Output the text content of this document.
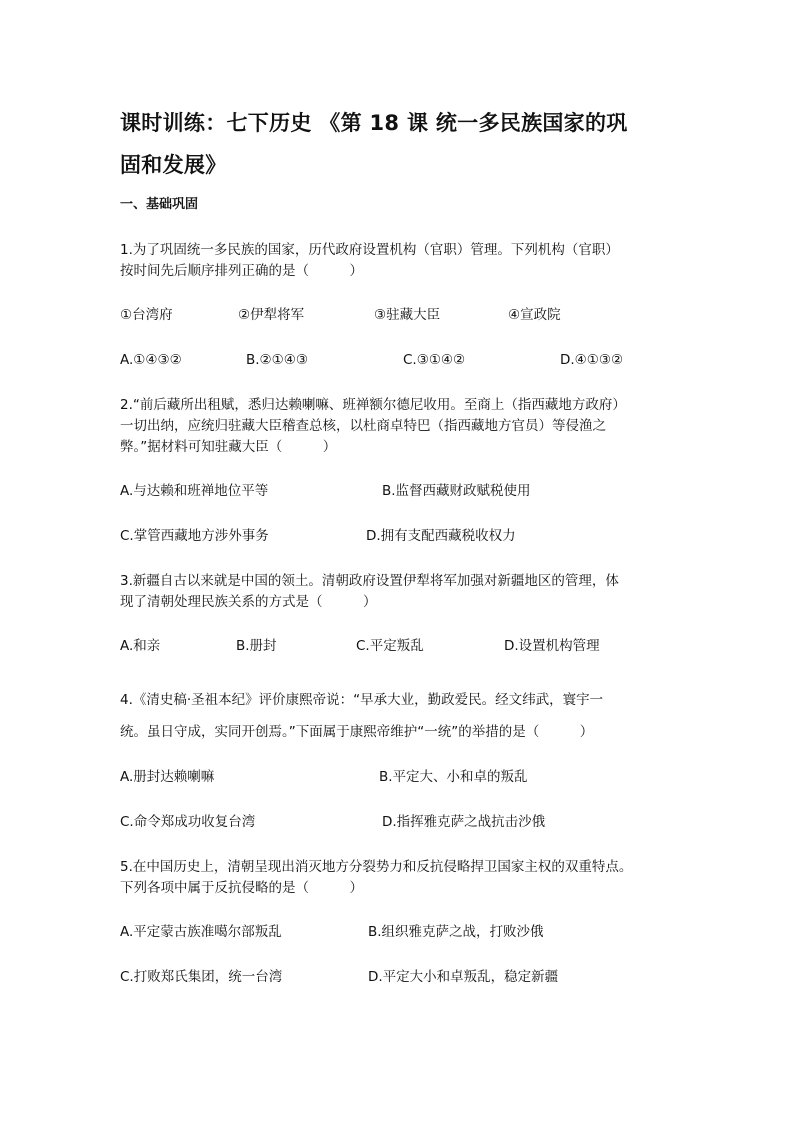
课时训练：七下历史 《第 18 课 统一多民族国家的巩
固和发展》
一、基础巩固
1.为了巩固统一多民族的国家，历代政府设置机构（官职）管理。下列机构（官职）
按时间先后顺序排列正确的是（　　　）
①台湾府	②伊犁将军	③驻藏大臣	④宣政院
A.①④③②	B.②①④③	C.③①④②	D.④①③②
2.“前后藏所出租赋，悉归达赖喇嘛、班禅额尔德尼收用。至商上（指西藏地方政府）
一切出纳，应统归驻藏大臣稽查总核，以杜商卓特巴（指西藏地方官员）等侵渔之
弊。”据材料可知驻藏大臣（　　　）
A.与达赖和班禅地位平等	B.监督西藏财政赋税使用
C.掌管西藏地方涉外事务	D.拥有支配西藏税收权力
3.新疆自古以来就是中国的领土。清朝政府设置伊犁将军加强对新疆地区的管理，体
现了清朝处理民族关系的方式是（　　　）
A.和亲	B.册封	C.平定叛乱	D.设置机构管理
4.《清史稿·圣祖本纪》评价康熙帝说：“早承大业，勤政爱民。经文纬武，寰宇一
统。虽日守成，实同开创焉。”下面属于康熙帝维护“一统”的举措的是（　　　）
A.册封达赖喇嘛	B.平定大、小和卓的叛乱
C.命令郑成功收复台湾	D.指挥雅克萨之战抗击沙俄
5.在中国历史上，清朝呈现出消灭地方分裂势力和反抗侵略捍卫国家主权的双重特点。
下列各项中属于反抗侵略的是（　　　）
A.平定蒙古族准噶尔部叛乱	B.组织雅克萨之战，打败沙俄
C.打败郑氏集团，统一台湾	D.平定大小和卓叛乱，稳定新疆
